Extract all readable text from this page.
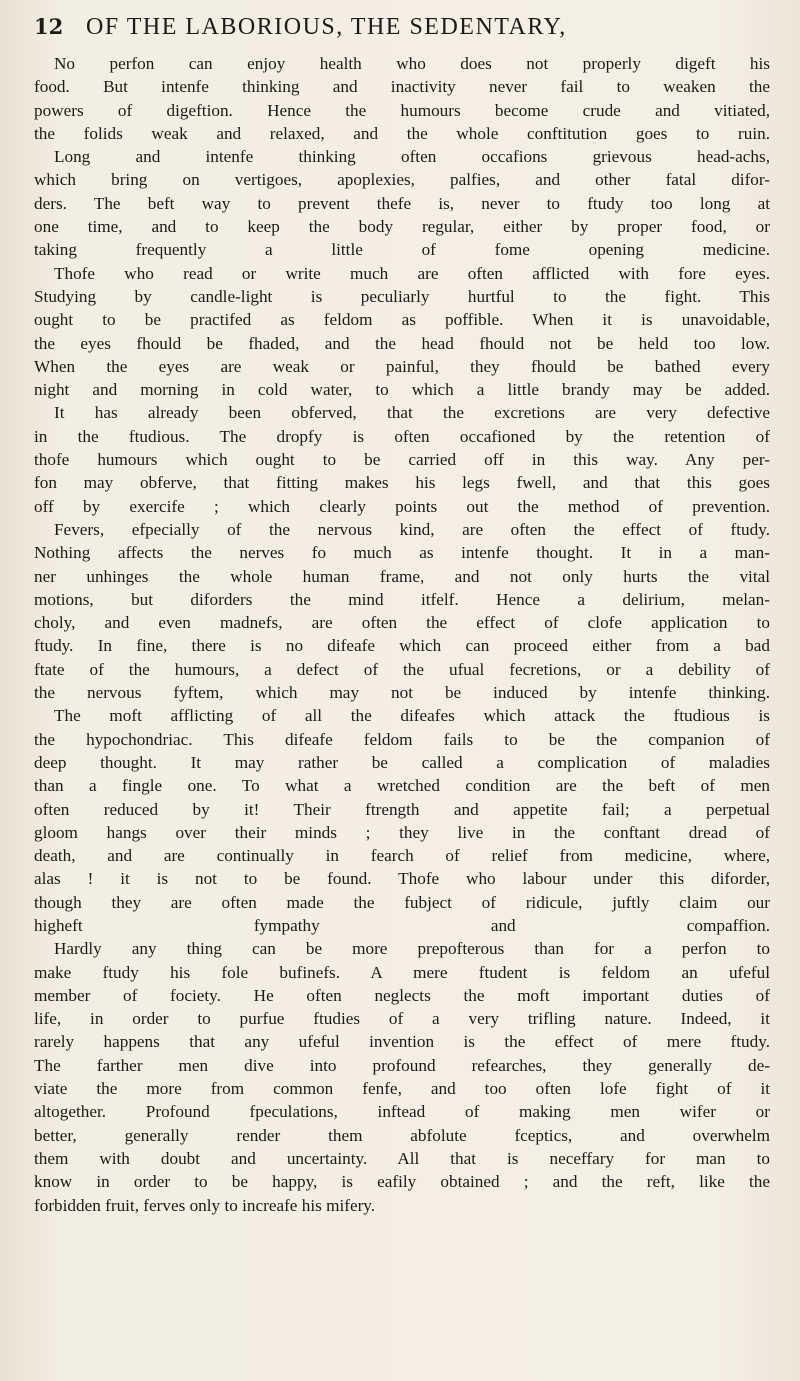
12 OF THE LABORIOUS, THE SEDENTARY,
No perfon can enjoy health who does not properly digeft his
food. But intenfe thinking and inactivity never fail to weaken the
powers of digeftion. Hence the humours become crude and vitiated,
the folids weak and relaxed, and the whole conftitution goes to ruin.
Long and intenfe thinking often occafions grievous head-achs,
which bring on vertigoes, apoplexies, palfies, and other fatal difor-
ders. The beft way to prevent thefe is, never to ftudy too long at
one time, and to keep the body regular, either by proper food, or
taking frequently a little of fome opening medicine.
Thofe who read or write much are often afflicted with fore eyes.
Studying by candle-light is peculiarly hurtful to the fight. This
ought to be practifed as feldom as poffible. When it is unavoidable,
the eyes fhould be fhaded, and the head fhould not be held too low.
When the eyes are weak or painful, they fhould be bathed every
night and morning in cold water, to which a little brandy may be added.
It has already been obferved, that the excretions are very defective
in the ftudious. The dropfy is often occafioned by the retention of
thofe humours which ought to be carried off in this way. Any per-
fon may obferve, that fitting makes his legs fwell, and that this goes
off by exercife ; which clearly points out the method of prevention.
Fevers, efpecially of the nervous kind, are often the effect of ftudy.
Nothing affects the nerves fo much as intenfe thought. It in a man-
ner unhinges the whole human frame, and not only hurts the vital
motions, but diforders the mind itfelf. Hence a delirium, melan-
choly, and even madnefs, are often the effect of clofe application to
ftudy. In fine, there is no difeafe which can proceed either from a bad
ftate of the humours, a defect of the ufual fecretions, or a debility of
the nervous fyftem, which may not be induced by intenfe thinking.
The moft afflicting of all the difeafes which attack the ftudious is
the hypochondriac. This difeafe feldom fails to be the companion of
deep thought. It may rather be called a complication of maladies
than a fingle one. To what a wretched condition are the beft of men
often reduced by it! Their ftrength and appetite fail; a perpetual
gloom hangs over their minds ; they live in the conftant dread of
death, and are continually in fearch of relief from medicine, where,
alas ! it is not to be found. Thofe who labour under this diforder,
though they are often made the fubject of ridicule, juftly claim our
higheft fympathy and compaffion.
Hardly any thing can be more prepofterous than for a perfon to
make ftudy his fole bufinefs. A mere ftudent is feldom an ufeful
member of fociety. He often neglects the moft important duties of
life, in order to purfue ftudies of a very trifling nature. Indeed, it
rarely happens that any ufeful invention is the effect of mere ftudy.
The farther men dive into profound refearches, they generally de-
viate the more from common fenfe, and too often lofe fight of it
altogether. Profound fpeculations, inftead of making men wifer or
better, generally render them abfolute fceptics, and overwhelm
them with doubt and uncertainty. All that is neceffary for man to
know in order to be happy, is eafily obtained ; and the reft, like the
forbidden fruit, ferves only to increafe his mifery.
